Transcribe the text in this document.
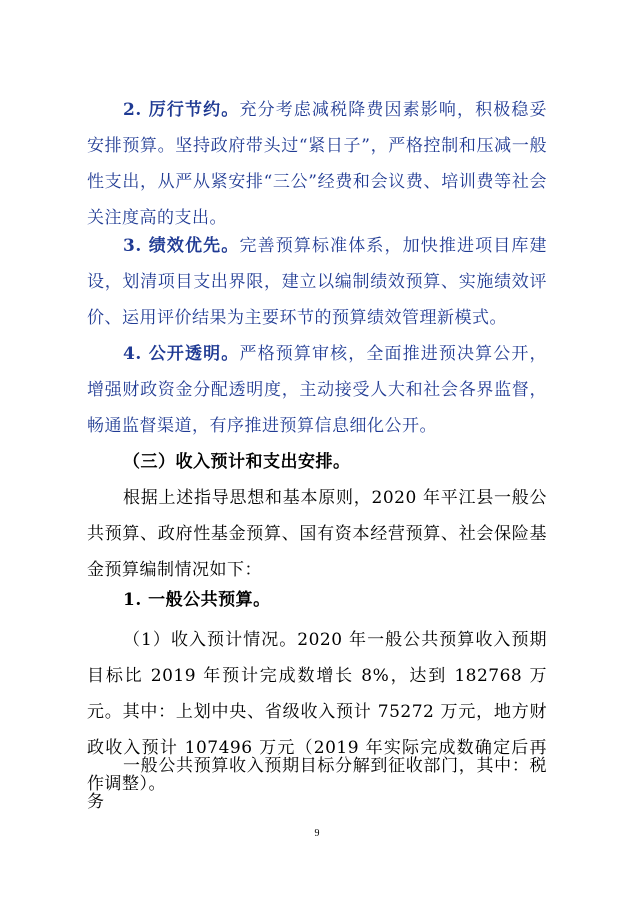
2. 厉行节约。充分考虑减税降费因素影响，积极稳妥安排预算。坚持政府带头过“紧日子”，严格控制和压减一般性支出，从严从紧安排“三公”经费和会议费、培训费等社会关注度高的支出。

3. 绩效优先。完善预算标准体系，加快推进项目库建设，划清项目支出界限，建立以编制绩效预算、实施绩效评价、运用评价结果为主要环节的预算绩效管理新模式。

4. 公开透明。严格预算审核，全面推进预决算公开，增强财政资金分配透明度，主动接受人大和社会各界监督，畅通监督渠道，有序推进预算信息细化公开。

（三）收入预计和支出安排。

根据上述指导思想和基本原则，2020 年平江县一般公共预算、政府性基金预算、国有资本经营预算、社会保险基金预算编制情况如下：

1. 一般公共预算。

（1）收入预计情况。2020 年一般公共预算收入预期目标比 2019 年预计完成数增长 8%，达到 182768 万元。其中：上划中央、省级收入预计 75272 万元，地方财政收入预计 107496 万元（2019 年实际完成数确定后再作调整）。

一般公共预算收入预期目标分解到征收部门，其中：税务

9
